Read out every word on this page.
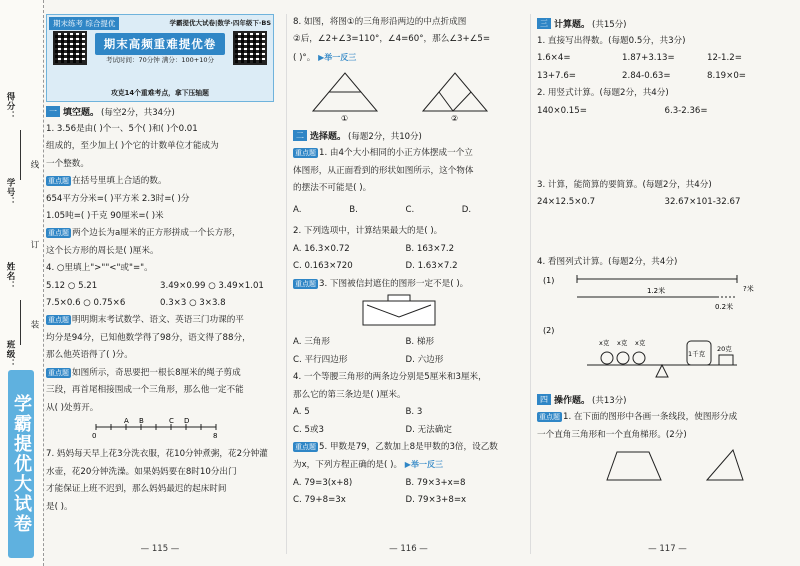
得分：
学号：
姓名：
班级：
线
订
装
学霸提优大试卷
期末练考 综合提优	学霸提优大试卷|数学·四年级下·BS
期末高频重难提优卷
考试时间：70分钟 满分：100+10分
攻克14个重难考点，拿下压轴题
一 填空题。 (每空2分，共34分)
1. 3.56是由( )个一、5个( )和( )个0.01
组成的，至少加上( )个它的计数单位才能成为
一个整数。
重点题 在括号里填上合适的数。
654平方分米=( )平方米 2.3时=( )分
1.05吨=( )千克 90厘米=( )米
重点题 两个边长为a厘米的正方形拼成一个长方形，
这个长方形的周长是( )厘米。
4. ○里填上">""<"或"="。
5.12 ○ 5.21	3.49×0.99 ○ 3.49×1.01
7.5×0.6 ○ 0.75×6	0.3×3 ○ 3×3.8
重点题 明明期末考试数学、语文、英语三门功课的平
均分是94分，已知他数学得了98分，语文得了88分，
那么他英语得了( )分。
重点题 如图所示，奇思要把一根长8厘米的绳子剪成
三段，再首尾相接围成一个三角形，那么他一定不能
从( )处剪开。
0	8
A B	C D
7. 妈妈每天早上花3分洗衣服，花10分钟煮粥，花2分钟灌
水壶，花20分钟洗澡。如果妈妈要在8时10分出门
才能保证上班不迟到，那么妈妈最迟的起床时间
是( )。
— 115 —
8. 如图，将图①的三角形沿两边的中点折成图
②后，∠2+∠3=110°，∠4=60°，那么∠3+∠5=
( )°。 ▶举一反三
①	②
二 选择题。 (每题2分，共10分)
重点题 1. 由4个大小相同的小正方体摆成一个立
体图形，从正面看到的形状如图所示，这个物体
的摆法不可能是( )。
A.	B.	C.	D.
2. 下列选项中，计算结果最大的是( )。
A. 16.3×0.72	B. 163×7.2
C. 0.163×720	D. 1.63×7.2
重点题 3. 下图被信封遮住的图形一定不是( )。
A. 三角形	B. 梯形
C. 平行四边形	D. 六边形
4. 一个等腰三角形的两条边分别是5厘米和3厘米，
那么它的第三条边是( )厘米。
A. 5	B. 3
C. 5或3	D. 无法确定
重点题 5. 甲数是79，乙数加上8是甲数的3倍，设乙数
为x，下列方程正确的是( )。 ▶举一反三
A. 79=3(x+8)	B. 79×3+x=8
C. 79+8=3x	D. 79×3+8=x
— 116 —
三 计算题。 (共15分)
1. 直接写出得数。(每题0.5分，共3分)
1.6×4=	1.87+3.13=	12-1.2=
13+7.6=	2.84-0.63=	8.19×0=
2. 用竖式计算。(每题2分，共4分)
140×0.15=	6.3-2.36=
3. 计算，能简算的要简算。(每题2分，共4分)
24×12.5×0.7	32.67×101-32.67
4. 看图列式计算。(每题2分，共4分)
(1)
1.2米
0.2米
?米

(2)
x克 x克 x克
1千克
20克
四 操作题。 (共13分)
重点题 1. 在下面的图形中各画一条线段，使图形分成
一个直角三角形和一个直角梯形。(2分)
— 117 —
